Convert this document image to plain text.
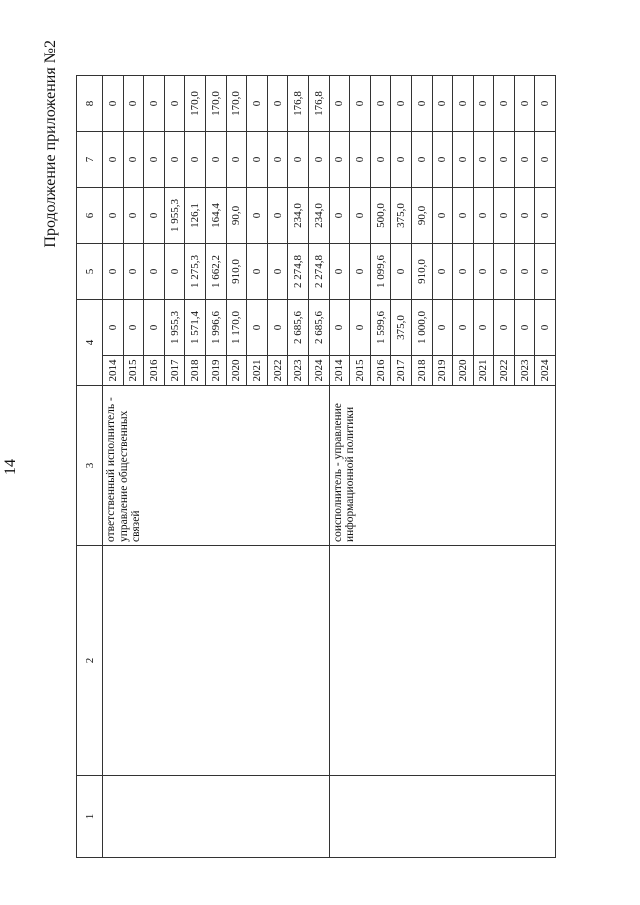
14
Продолжение приложения №2
1	2	3	4		5	6	7	8
		ответственный исполнитель - управление общественных связей	2014	0	0	0	0	0
			2015	0	0	0	0	0
			2016	0	0	0	0	0
			2017	1 955,3	0	1 955,3	0	0
			2018	1 571,4	1 275,3	126,1	0	170,0
			2019	1 996,6	1 662,2	164,4	0	170,0
			2020	1 170,0	910,0	90,0	0	170,0
			2021	0	0	0	0	0
			2022	0	0	0	0	0
			2023	2 685,6	2 274,8	234,0	0	176,8
			2024	2 685,6	2 274,8	234,0	0	176,8
		соисполнитель - управление информационной политики	2014	0	0	0	0	0
			2015	0	0	0	0	0
			2016	1 599,6	1 099,6	500,0	0	0
			2017	375,0	0	375,0	0	0
			2018	1 000,0	910,0	90,0	0	0
			2019	0	0	0	0	0
			2020	0	0	0	0	0
			2021	0	0	0	0	0
			2022	0	0	0	0	0
			2023	0	0	0	0	0
			2024	0	0	0	0	0
